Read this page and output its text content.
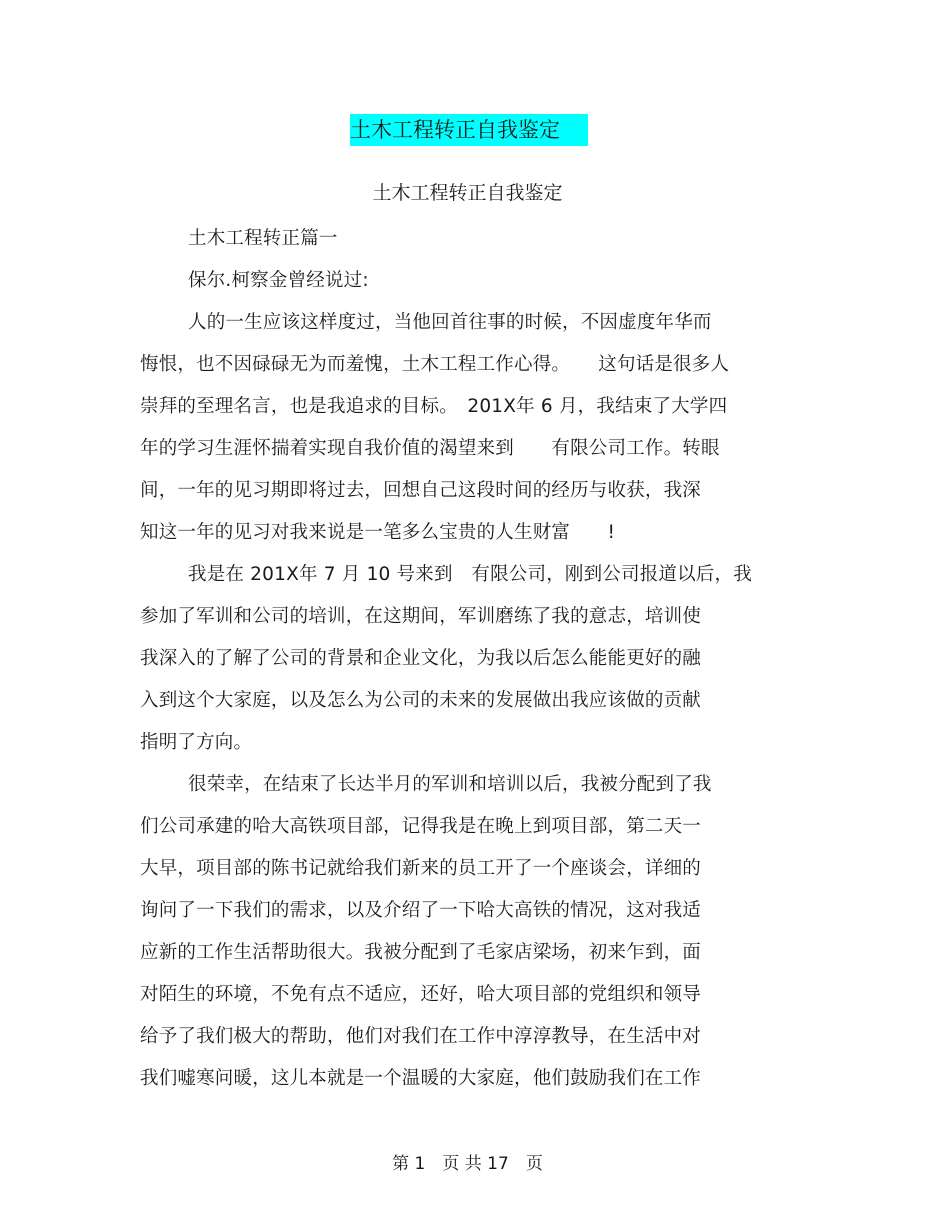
土木工程转正自我鉴定
土木工程转正自我鉴定
土木工程转正篇一
保尔.柯察金曾经说过:
人的一生应该这样度过，当他回首往事的时候，不因虚度年华而
悔恨，也不因碌碌无为而羞愧，土木工程工作心得。　　这句话是很多人
崇拜的至理名言，也是我追求的目标。　201X年 6 月，我结束了大学四
年的学习生涯怀揣着实现自我价值的渴望来到　　有限公司工作。转眼
间，一年的见习期即将过去，回想自己这段时间的经历与收获，我深
知这一年的见习对我来说是一笔多么宝贵的人生财富　　!
我是在 201X年 7 月 10 号来到　有限公司，刚到公司报道以后，我
参加了军训和公司的培训，在这期间，军训磨练了我的意志，培训使
我深入的了解了公司的背景和企业文化，为我以后怎么能能更好的融
入到这个大家庭，以及怎么为公司的未来的发展做出我应该做的贡献
指明了方向。
很荣幸，在结束了长达半月的军训和培训以后，我被分配到了我
们公司承建的哈大高铁项目部，记得我是在晚上到项目部，第二天一
大早，项目部的陈书记就给我们新来的员工开了一个座谈会，详细的
询问了一下我们的需求，以及介绍了一下哈大高铁的情况，这对我适
应新的工作生活帮助很大。我被分配到了毛家店梁场，初来乍到，面
对陌生的环境，不免有点不适应，还好，哈大项目部的党组织和领导
给予了我们极大的帮助，他们对我们在工作中淳淳教导，在生活中对
我们嘘寒问暖，这儿本就是一个温暖的大家庭，他们鼓励我们在工作
第 1　页 共 17　页
